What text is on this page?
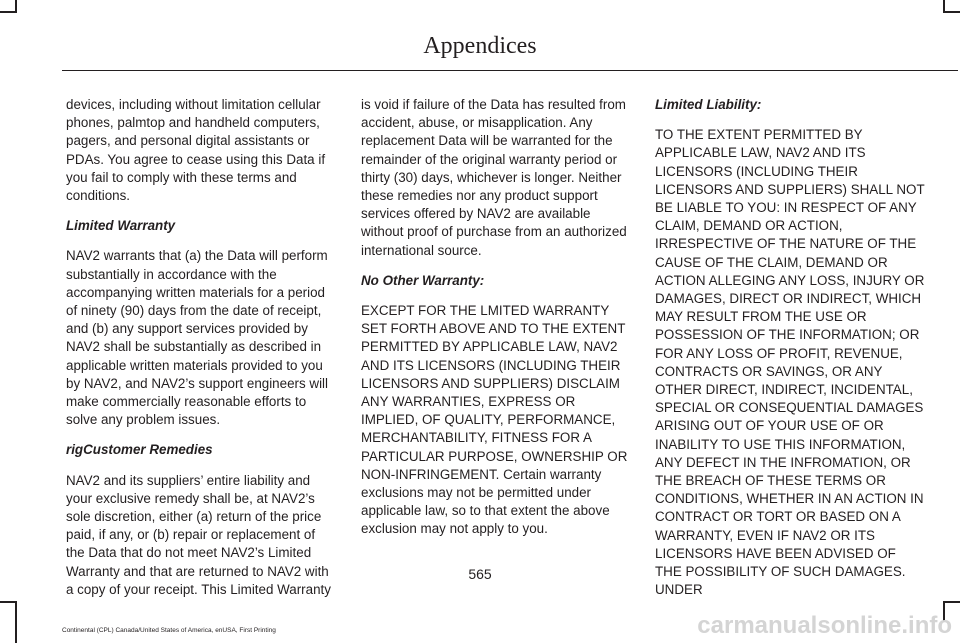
Appendices

devices, including without limitation cellular phones, palmtop and handheld computers, pagers, and personal digital assistants or PDAs. You agree to cease using this Data if you fail to comply with these terms and conditions.

Limited Warranty

NAV2 warrants that (a) the Data will perform substantially in accordance with the accompanying written materials for a period of ninety (90) days from the date of receipt, and (b) any support services provided by NAV2 shall be substantially as described in applicable written materials provided to you by NAV2, and NAV2’s support engineers will make commercially reasonable efforts to solve any problem issues.

rigCustomer Remedies

NAV2 and its suppliers’ entire liability and your exclusive remedy shall be, at NAV2’s sole discretion, either (a) return of the price paid, if any, or (b) repair or replacement of the Data that do not meet NAV2’s Limited Warranty and that are returned to NAV2 with a copy of your receipt. This Limited Warranty

is void if failure of the Data has resulted from accident, abuse, or misapplication. Any replacement Data will be warranted for the remainder of the original warranty period or thirty (30) days, whichever is longer. Neither these remedies nor any product support services offered by NAV2 are available without proof of purchase from an authorized international source.

No Other Warranty:

EXCEPT FOR THE LMITED WARRANTY SET FORTH ABOVE AND TO THE EXTENT PERMITTED BY APPLICABLE LAW, NAV2 AND ITS LICENSORS (INCLUDING THEIR LICENSORS AND SUPPLIERS) DISCLAIM ANY WARRANTIES, EXPRESS OR IMPLIED, OF QUALITY, PERFORMANCE, MERCHANTABILITY, FITNESS FOR A PARTICULAR PURPOSE, OWNERSHIP OR NON-INFRINGEMENT. Certain warranty exclusions may not be permitted under applicable law, so to that extent the above exclusion may not apply to you.

Limited Liability:

TO THE EXTENT PERMITTED BY APPLICABLE LAW, NAV2 AND ITS LICENSORS (INCLUDING THEIR LICENSORS AND SUPPLIERS) SHALL NOT BE LIABLE TO YOU: IN RESPECT OF ANY CLAIM, DEMAND OR ACTION, IRRESPECTIVE OF THE NATURE OF THE CAUSE OF THE CLAIM, DEMAND OR ACTION ALLEGING ANY LOSS, INJURY OR DAMAGES, DIRECT OR INDIRECT, WHICH MAY RESULT FROM THE USE OR POSSESSION OF THE INFORMATION; OR FOR ANY LOSS OF PROFIT, REVENUE, CONTRACTS OR SAVINGS, OR ANY OTHER DIRECT, INDIRECT, INCIDENTAL, SPECIAL OR CONSEQUENTIAL DAMAGES ARISING OUT OF YOUR USE OF OR INABILITY TO USE THIS INFORMATION, ANY DEFECT IN THE INFROMATION, OR THE BREACH OF THESE TERMS OR CONDITIONS, WHETHER IN AN ACTION IN CONTRACT OR TORT OR BASED ON A WARRANTY, EVEN IF NAV2 OR ITS LICENSORS HAVE BEEN ADVISED OF THE POSSIBILITY OF SUCH DAMAGES. UNDER

565
Continental (CPL) Canada/United States of America, enUSA, First Printing	carmanualsonline.info
